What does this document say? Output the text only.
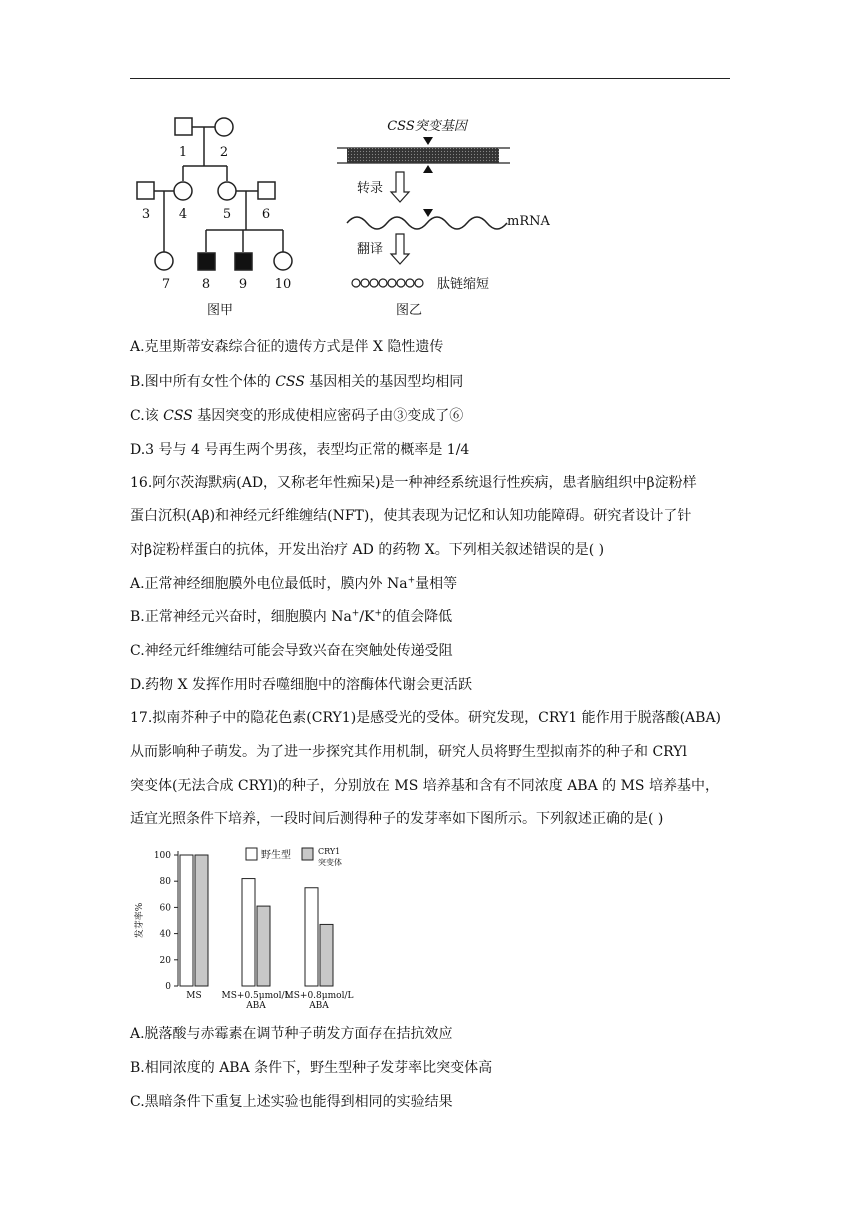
1	2
3 4	5 6
7 8 9 10
图甲
CSS突变基因
转录
mRNA
翻译
肽链缩短
图乙
A.克里斯蒂安森综合征的遗传方式是伴 X 隐性遗传
B.图中所有女性个体的 CSS 基因相关的基因型均相同
C.该 CSS 基因突变的形成使相应密码子由③变成了⑥
D.3 号与 4 号再生两个男孩，表型均正常的概率是 1/4
16.阿尔茨海默病(AD，又称老年性痴呆)是一种神经系统退行性疾病，患者脑组织中β淀粉样
蛋白沉积(Aβ)和神经元纤维缠结(NFT)，使其表现为记忆和认知功能障碍。研究者设计了针
对β淀粉样蛋白的抗体，开发出治疗 AD 的药物 X。下列相关叙述错误的是( )
A.正常神经细胞膜外电位最低时，膜内外 Na+量相等
B.正常神经元兴奋时，细胞膜内 Na+/K+的值会降低
C.神经元纤维缠结可能会导致兴奋在突触处传递受阻
D.药物 X 发挥作用时吞噬细胞中的溶酶体代谢会更活跃
17.拟南芥种子中的隐花色素(CRY1)是感受光的受体。研究发现，CRY1 能作用于脱落酸(ABA)
从而影响种子萌发。为了进一步探究其作用机制，研究人员将野生型拟南芥的种子和 CRYl
突变体(无法合成 CRYl)的种子，分别放在 MS 培养基和含有不同浓度 ABA 的 MS 培养基中，
适宜光照条件下培养，一段时间后测得种子的发芽率如下图所示。下列叙述正确的是( )
0
20
40
60
80
100
发芽率%
MS MS+0.5μmol/L
ABA
MS+0.8μmol/L
ABA
野生型	CRY1
突变体
A.脱落酸与赤霉素在调节种子萌发方面存在拮抗效应
B.相同浓度的 ABA 条件下，野生型种子发芽率比突变体高
C.黑暗条件下重复上述实验也能得到相同的实验结果
